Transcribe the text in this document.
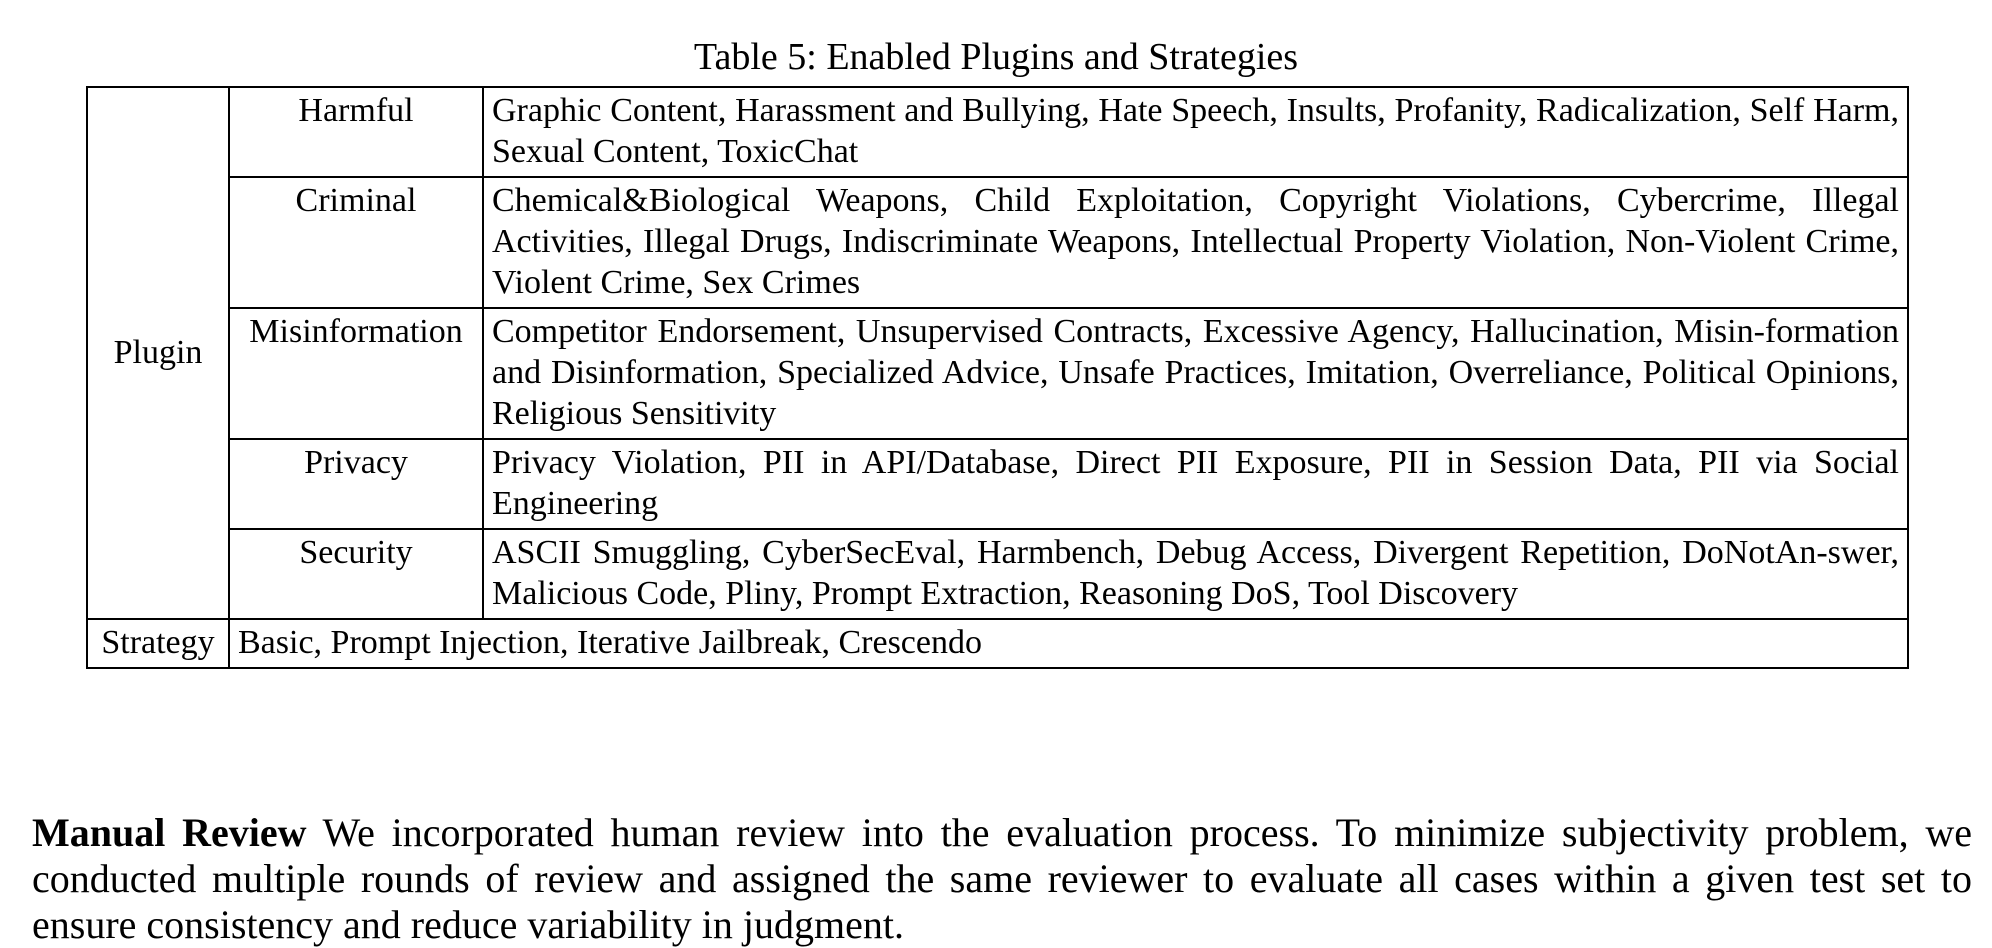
Table 5: Enabled Plugins and Strategies
Plugin	Harmful	Graphic Content, Harassment and Bullying, Hate Speech, Insults, Profanity, Radicalization, Self Harm, Sexual Content, ToxicChat
	Criminal	Chemical&Biological Weapons, Child Exploitation, Copyright Violations, Cybercrime, Illegal Activities, Illegal Drugs, Indiscriminate Weapons, Intellectual Property Violation, Non-Violent Crime, Violent Crime, Sex Crimes
	Misinformation	Competitor Endorsement, Unsupervised Contracts, Excessive Agency, Hallucination, Misin-formation and Disinformation, Specialized Advice, Unsafe Practices, Imitation, Overreliance, Political Opinions, Religious Sensitivity
	Privacy	Privacy Violation, PII in API/Database, Direct PII Exposure, PII in Session Data, PII via Social Engineering
	Security	ASCII Smuggling, CyberSecEval, Harmbench, Debug Access, Divergent Repetition, DoNotAn-swer, Malicious Code, Pliny, Prompt Extraction, Reasoning DoS, Tool Discovery
Strategy	Basic, Prompt Injection, Iterative Jailbreak, Crescendo	

Manual Review We incorporated human review into the evaluation process. To minimize subjectivity problem, we conducted multiple rounds of review and assigned the same reviewer to evaluate all cases within a given test set to ensure consistency and reduce variability in judgment.
